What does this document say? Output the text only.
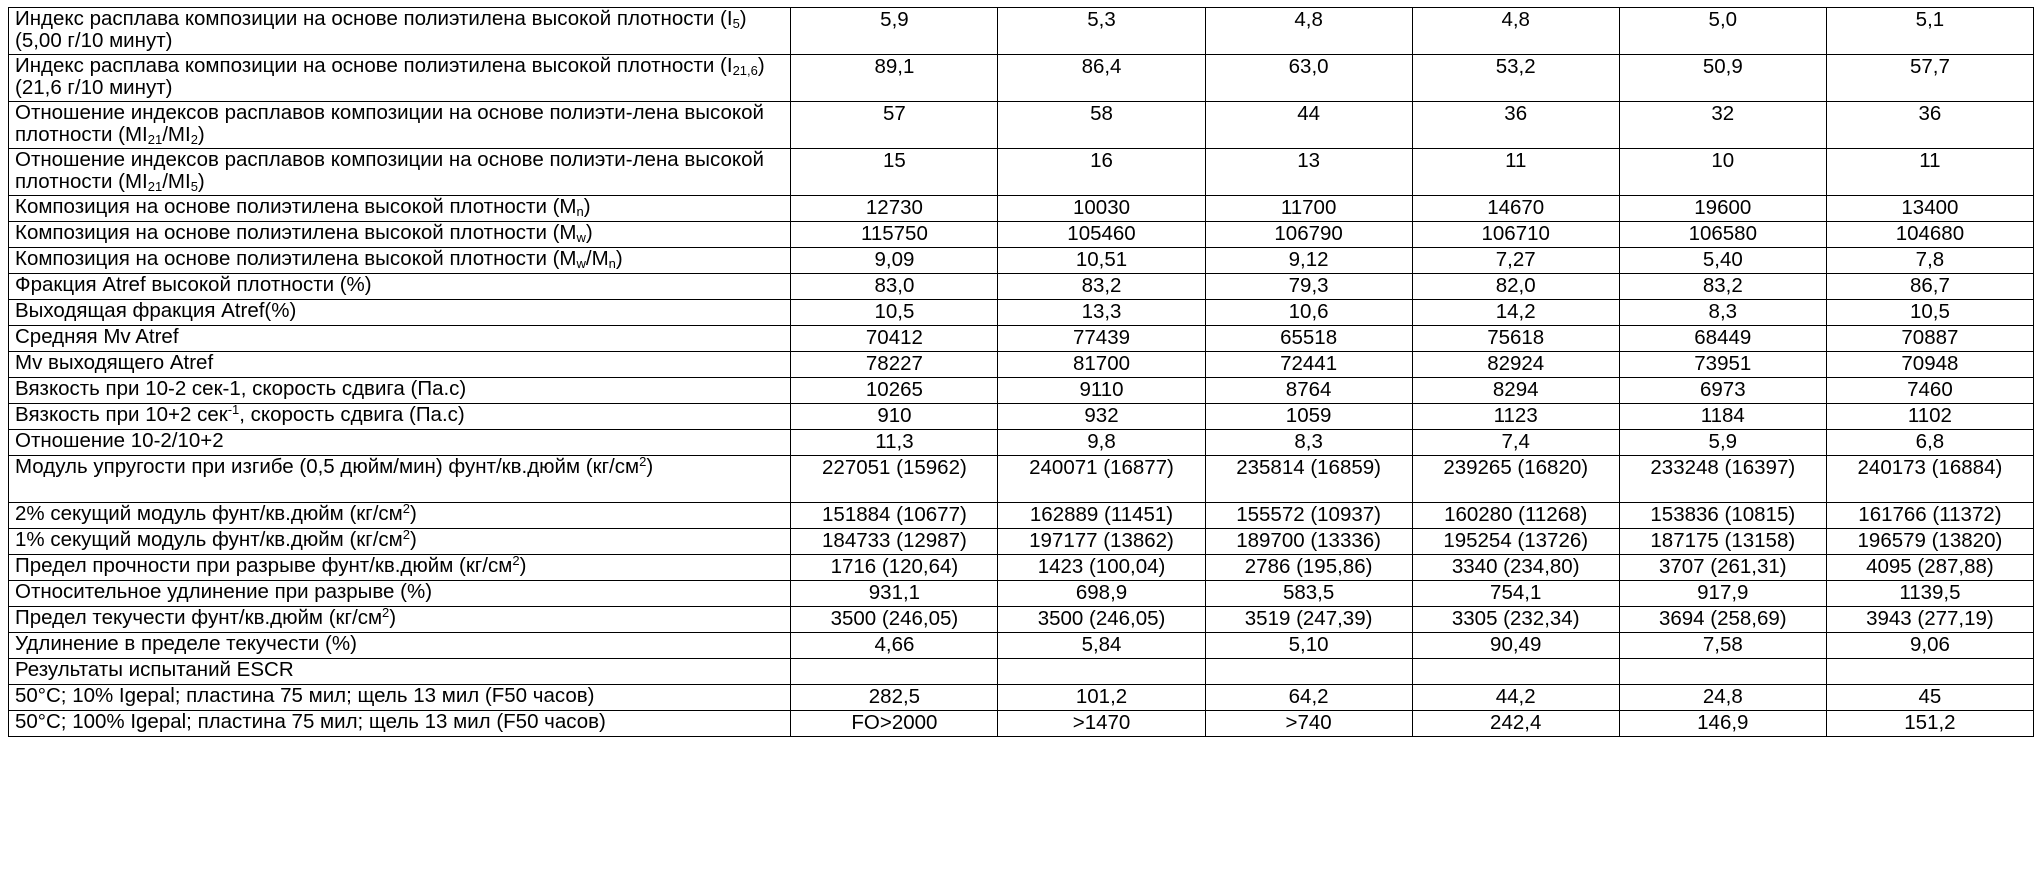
Индекс расплава композиции на основе полиэтилена высокой плотности $(I_5)(5,00$ г/10 минут)	5,9	5,3	4,8	4,8	5,0	5,1
Индекс расплава композиции на основе полиэтилена высокой плотности $(I_{21,6})(21,6$ г/10 минут)	89,1	86,4	63,0	53,2	50,9	57,7
Отношение индексов расплавов композиции на основе полиэти-лена высокой плотности $(MI_{21}/MI_2)$	57	58	44	36	32	36
Отношение индексов расплавов композиции на основе полиэти-лена высокой плотности $(MI_{21}/MI_5)$	15	16	13	11	10	11
Композиция на основе полиэтилена высокой плотности $(M_n)$	12730	10030	11700	14670	19600	13400
Композиция на основе полиэтилена высокой плотности $(M_w)$	115750	105460	106790	106710	106580	104680
Композиция на основе полиэтилена высокой плотности $(M_w/M_n)$	9,09	10,51	9,12	7,27	5,40	7,8
Фракция Atref высокой плотности (%)	83,0	83,2	79,3	82,0	83,2	86,7
Выходящая фракция Atref(%)	10,5	13,3	10,6	14,2	8,3	10,5
Средняя Mv Atref	70412	77439	65518	75618	68449	70887
Mv выходящего Atref	78227	81700	72441	82924	73951	70948
Вязкость при 10-2 сек-1, скорость сдвига (Па.с)	10265	9110	8764	8294	6973	7460
Вязкость при 10+2 сек$^{-1}$, скорость сдвига (Па.с)	910	932	1059	1123	1184	1102
Отношение 10-2/10+2	11,3	9,8	8,3	7,4	5,9	6,8
Модуль упругости при изгибе (0,5 дюйм/мин) фунт/кв.дюйм $(кг/см^2)$	227051 (15962)	240071 (16877)	235814 (16859)	239265 (16820)	233248 (16397)	240173 (16884)
2% секущий модуль фунт/кв.дюйм $(кг/см^2)$	151884 (10677)	162889 (11451)	155572 (10937)	160280 (11268)	153836 (10815)	161766 (11372)
1% секущий модуль фунт/кв.дюйм $(кг/см^2)$	184733 (12987)	197177 (13862)	189700 (13336)	195254 (13726)	187175 (13158)	196579 (13820)
Предел прочности при разрыве фунт/кв.дюйм $(кг/см^2)$	1716 (120,64)	1423 (100,04)	2786 (195,86)	3340 (234,80)	3707 (261,31)	4095 (287,88)
Относительное удлинение при разрыве (%)	931,1	698,9	583,5	754,1	917,9	1139,5
Предел текучести фунт/кв.дюйм $(кг/см^2)$	3500 (246,05)	3500 (246,05)	3519 (247,39)	3305 (232,34)	3694 (258,69)	3943 (277,19)
Удлинение в пределе текучести (%)	4,66	5,84	5,10	90,49	7,58	9,06
Результаты испытаний ESCR						
50°C; 10% Igepal; пластина 75 мил; щель 13 мил (F50 часов)	282,5	101,2	64,2	44,2	24,8	45
50°C; 100% Igepal; пластина 75 мил; щель 13 мил (F50 часов)	FO>2000	>1470	>740	242,4	146,9	151,2
